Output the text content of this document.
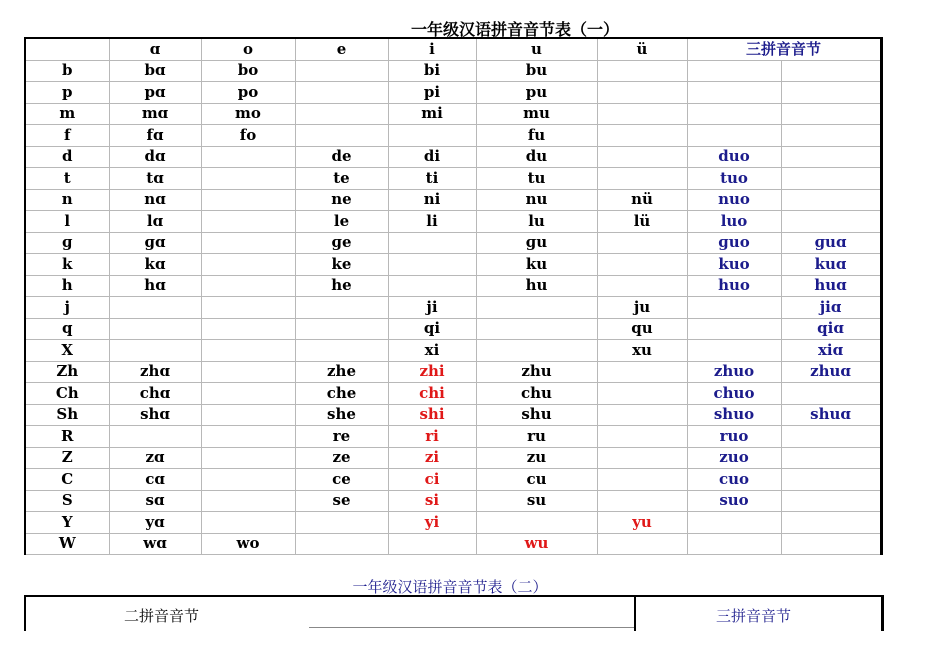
一年级汉语拼音音节表（一）
	ɑ	o	e	i	u	ü	三拼音音节	
b	bɑ	bo		bi	bu			
p	pɑ	po		pi	pu			
m	mɑ	mo		mi	mu			
f	fɑ	fo			fu			
d	dɑ		de	di	du		duo	
t	tɑ		te	ti	tu		tuo	
n	nɑ		ne	ni	nu	nü	nuo	
l	lɑ		le	li	lu	lü	luo	
ɡ	ɡɑ		ɡe		ɡu		ɡuo	ɡuɑ
k	kɑ		ke		ku		kuo	kuɑ
h	hɑ		he		hu		huo	huɑ
j				ji		ju		jiɑ
q				qi		qu		qiɑ
X				xi		xu		xiɑ
Zh	zhɑ		zhe	zhi	zhu		zhuo	zhuɑ
Ch	chɑ		che	chi	chu		chuo	
Sh	shɑ		she	shi	shu		shuo	shuɑ
R			re	ri	ru		ruo	
Z	zɑ		ze	zi	zu		zuo	
C	cɑ		ce	ci	cu		cuo	
S	sɑ		se	si	su		suo	
Y	yɑ			yi		yu		
W	wɑ	wo			wu			
一年级汉语拼音音节表（二）
二拼音音节	三拼音音节
